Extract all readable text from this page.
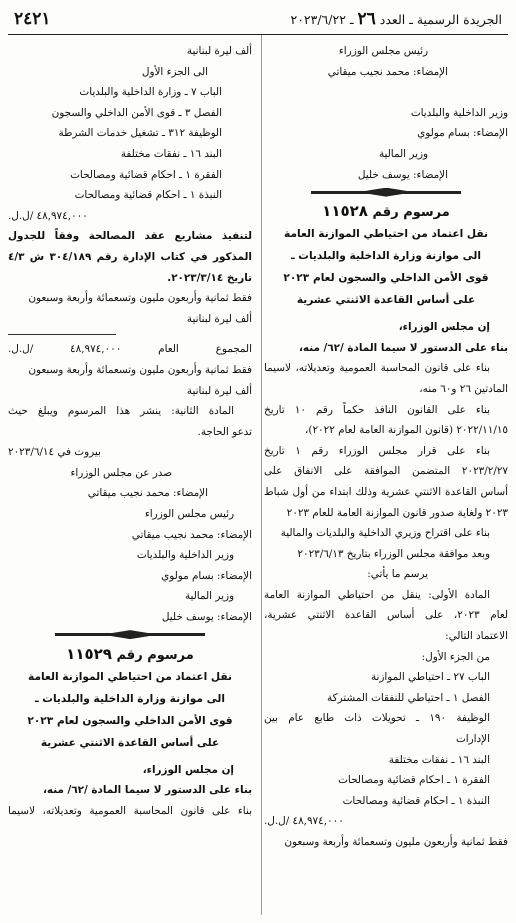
الجريدة الرسمية ـ العدد ٢٦ ـ ٢٠٢٣/٦/٢٢
٢٤٢١
رئيس مجلس الوزراء
الإمضاء: محمد نجيب ميقاتي
وزير الداخلية والبلديات
الإمضاء: بسام مولوي
وزير المالية
الإمضاء: يوسف خليل
مرسوم رقم ١١٥٢٨
نقل اعتماد من احتياطي الموازنة العامة
الى موازنة وزارة الداخلية والبلديات ـ
قوى الأمن الداخلي والسجون لعام ٢٠٢٣
على أساس القاعدة الاثنتي عشرية
إن مجلس الوزراء،
بناء على الدستور لا سيما المادة /٦٢/ منه،
بناء على قانون المحاسبة العمومية وتعديلاته، لاسيما
المادتين ٢٦ و٦٠ منه،
بناء على القانون النافذ حكماً رقم ١٠ تاريخ
٢٠٢٢/١١/١٥ (قانون الموازنة العامة لعام ٢٠٢٢)،
بناء على قرار مجلس الوزراء رقم ١ تاريخ
٢٠٢٣/٢/٢٧ المتضمن الموافقة على الانفاق على
أساس القاعدة الاثنتي عشرية وذلك ابتداء من أول شباط
٢٠٢٣ ولغاية صدور قانون الموازنة العامة للعام ٢٠٢٣
بناء على اقتراح وزيري الداخلية والبلديات والمالية
وبعد موافقة مجلس الوزراء بتاريخ ٢٠٢٣/٦/١٣
يرسم ما يأتي:
المادة الأولى: ينقل من احتياطي الموازنة العامة
لعام ٢٠٢٣، على أساس القاعدة الاثنتي عشرية،
الاعتماد التالي:
من الجزء الأول:
الباب ٢٧ ـ احتياطي الموازنة
الفصل ١ ـ احتياطي للنفقات المشتركة
الوظيفة ١٩٠ ـ تحويلات ذات طابع عام بين
الإدارات
البند ١٦ ـ نفقات مختلفة
الفقرة ١ ـ احكام قضائية ومصالحات
النبذة ١ ـ احكام قضائية ومصالحات
٤٨,٩٧٤,٠٠٠ /ل.ل.
فقط ثمانية وأربعون مليون وتسعمائة وأربعة وسبعون
ألف ليرة لبنانية
الى الجزء الأول
الباب ٧ ـ وزارة الداخلية والبلديات
الفصل ٣ ـ قوى الأمن الداخلي والسجون
الوظيفة ٣١٢ ـ تشغيل خدمات الشرطة
البند ١٦ ـ نفقات مختلفة
الفقرة ١ ـ احكام قضائية ومصالحات
النبذة ١ ـ احكام قضائية ومصالحات
٤٨,٩٧٤,٠٠٠ /ل.ل.
لتنفيذ مشاريع عقد المصالحة وفقاً للجدول
المذكور في كتاب الإدارة رقم ٣٠٤/١٨٩ ش ٤/٣
تاريخ ٢٠٢٣/٣/١٤.
فقط ثمانية وأربعون مليون وتسعمائة وأربعة وسبعون
ألف ليرة لبنانية
المجموع العام ٤٨,٩٧٤,٠٠٠ /ل.ل.
فقط ثمانية وأربعون مليون وتسعمائة وأربعة وسبعون
ألف ليرة لبنانية
المادة الثانية: ينشر هذا المرسوم ويبلغ حيث
تدعو الحاجة.
بيروت في ٢٠٢٣/٦/١٤
صدر عن مجلس الوزراء
الإمضاء: محمد نجيب ميقاتي
رئيس مجلس الوزراء
الإمضاء: محمد نجيب ميقاتي
وزير الداخلية والبلديات
الإمضاء: بسام مولوي
وزير المالية
الإمضاء: يوسف خليل
مرسوم رقم ١١٥٢٩
نقل اعتماد من احتياطي الموازنة العامة
الى موازنة وزارة الداخلية والبلديات ـ
قوى الأمن الداخلي والسجون لعام ٢٠٢٣
على أساس القاعدة الاثنتي عشرية
إن مجلس الوزراء،
بناء على الدستور لا سيما المادة /٦٢/ منه،
بناء على قانون المحاسبة العمومية وتعديلاته، لاسيما
